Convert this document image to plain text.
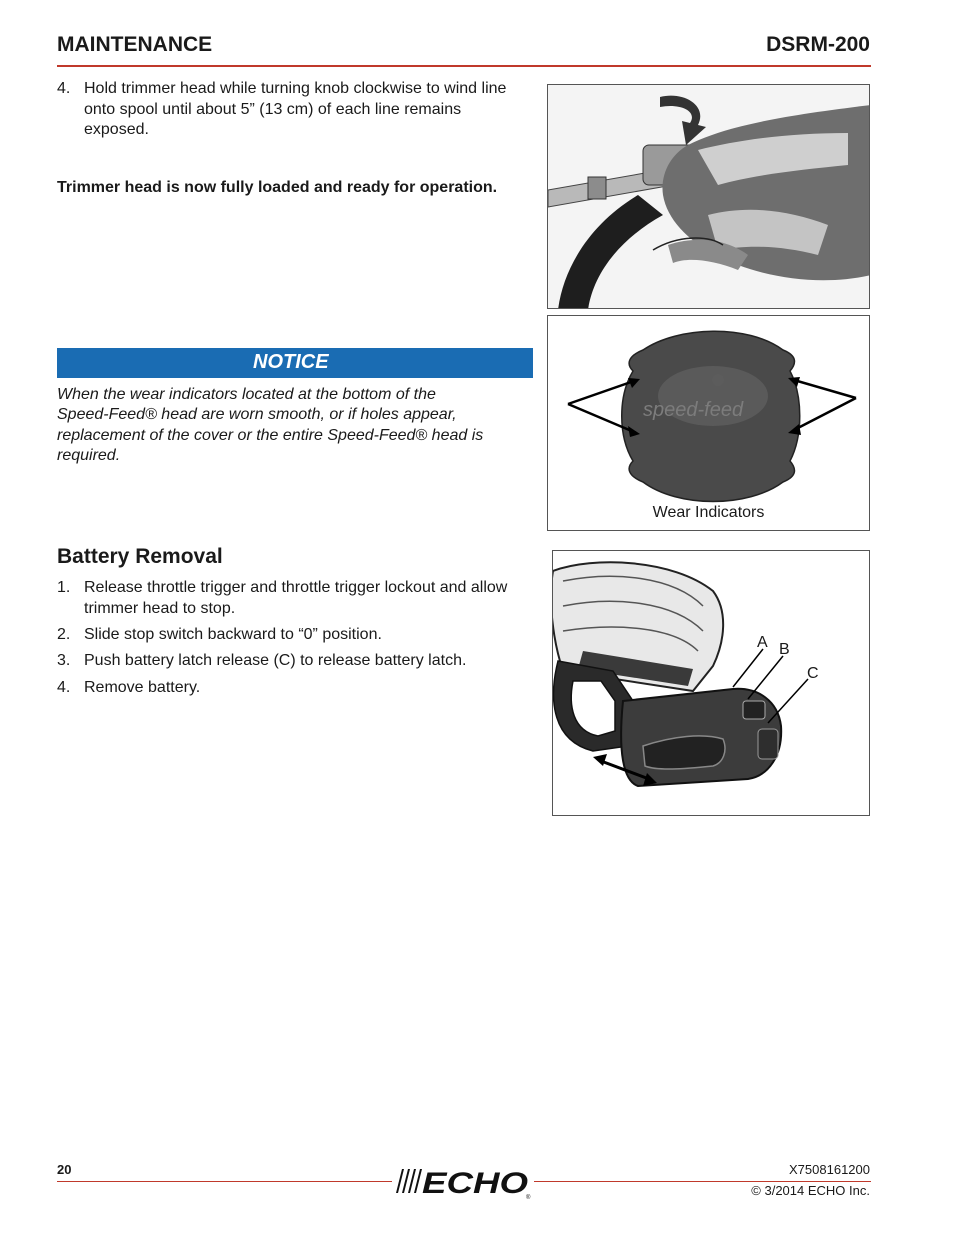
MAINTENANCE	DSRM-200
4. Hold trimmer head while turning knob clockwise to wind line
onto spool until about 5” (13 cm) of each line remains
exposed.
Trimmer head is now fully loaded and ready for operation.
speed-feed
Wear Indicators
NOTICE
When the wear indicators located at the bottom of the
Speed-Feed® head are worn smooth, or if holes appear,
replacement of the cover or the entire Speed-Feed® head is
required.
Battery Removal
1. Release throttle trigger and throttle trigger lockout and allow
trimmer head to stop.
2. Slide stop switch backward to “0” position.
3. Push battery latch release (C) to release battery latch.
4. Remove battery.
A B
C
20	ECHO
®
X7508161200
© 3/2014 ECHO Inc.
